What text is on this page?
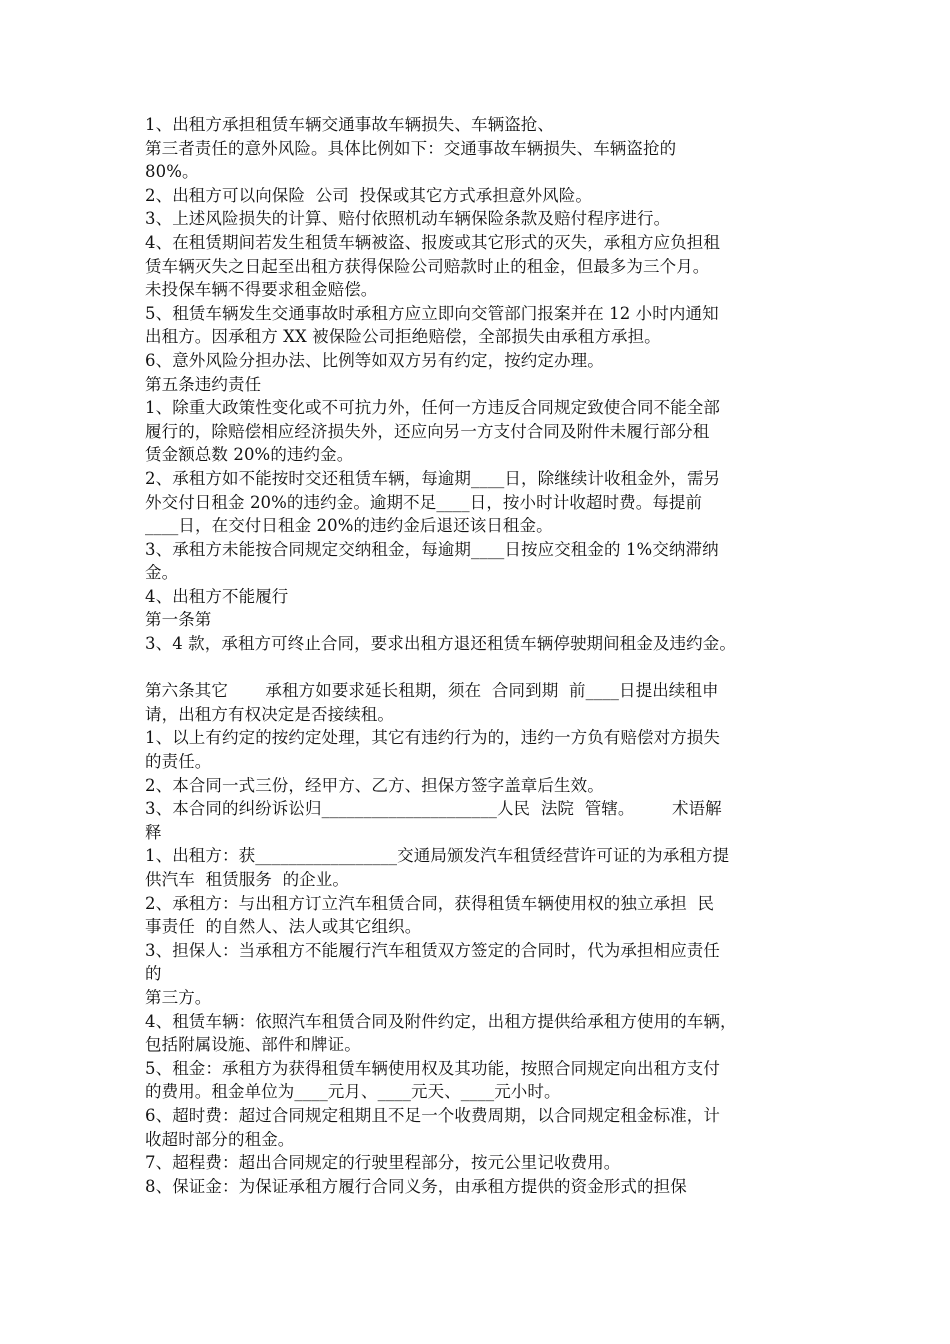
1、出租方承担租赁车辆交通事故车辆损失、车辆盗抢、
第三者责任的意外风险。具体比例如下：交通事故车辆损失、车辆盗抢的
80%。
2、出租方可以向保险  公司  投保或其它方式承担意外风险。
3、上述风险损失的计算、赔付依照机动车辆保险条款及赔付程序进行。
4、在租赁期间若发生租赁车辆被盗、报废或其它形式的灭失，承租方应负担租
赁车辆灭失之日起至出租方获得保险公司赔款时止的租金，但最多为三个月。
未投保车辆不得要求租金赔偿。
5、租赁车辆发生交通事故时承租方应立即向交管部门报案并在 12 小时内通知
出租方。因承租方 XX 被保险公司拒绝赔偿，全部损失由承租方承担。
6、意外风险分担办法、比例等如双方另有约定，按约定办理。
第五条违约责任
1、除重大政策性变化或不可抗力外，任何一方违反合同规定致使合同不能全部
履行的，除赔偿相应经济损失外，还应向另一方支付合同及附件未履行部分租
赁金额总数 20%的违约金。
2、承租方如不能按时交还租赁车辆，每逾期____日，除继续计收租金外，需另
外交付日租金 20%的违约金。逾期不足____日，按小时计收超时费。每提前
____日，在交付日租金 20%的违约金后退还该日租金。
3、承租方未能按合同规定交纳租金，每逾期____日按应交租金的 1%交纳滞纳
金。
4、出租方不能履行
第一条第
3、4 款，承租方可终止合同，要求出租方退还租赁车辆停驶期间租金及违约金。
第六条其它       承租方如要求延长租期，须在  合同到期  前____日提出续租申
请，出租方有权决定是否接续租。
1、以上有约定的按约定处理，其它有违约行为的，违约一方负有赔偿对方损失
的责任。
2、本合同一式三份，经甲方、乙方、担保方签字盖章后生效。
3、本合同的纠纷诉讼归_____________________人民  法院  管辖。       术语解
释
1、出租方：获_________________交通局颁发汽车租赁经营许可证的为承租方提
供汽车  租赁服务  的企业。
2、承租方：与出租方订立汽车租赁合同，获得租赁车辆使用权的独立承担  民
事责任  的自然人、法人或其它组织。
3、担保人：当承租方不能履行汽车租赁双方签定的合同时，代为承担相应责任
的
第三方。
4、租赁车辆：依照汽车租赁合同及附件约定，出租方提供给承租方使用的车辆，
包括附属设施、部件和牌证。
5、租金：承租方为获得租赁车辆使用权及其功能，按照合同规定向出租方支付
的费用。租金单位为____元月、____元天、____元小时。
6、超时费：超过合同规定租期且不足一个收费周期，以合同规定租金标准，计
收超时部分的租金。
7、超程费：超出合同规定的行驶里程部分，按元公里记收费用。
8、保证金：为保证承租方履行合同义务，由承租方提供的资金形式的担保
